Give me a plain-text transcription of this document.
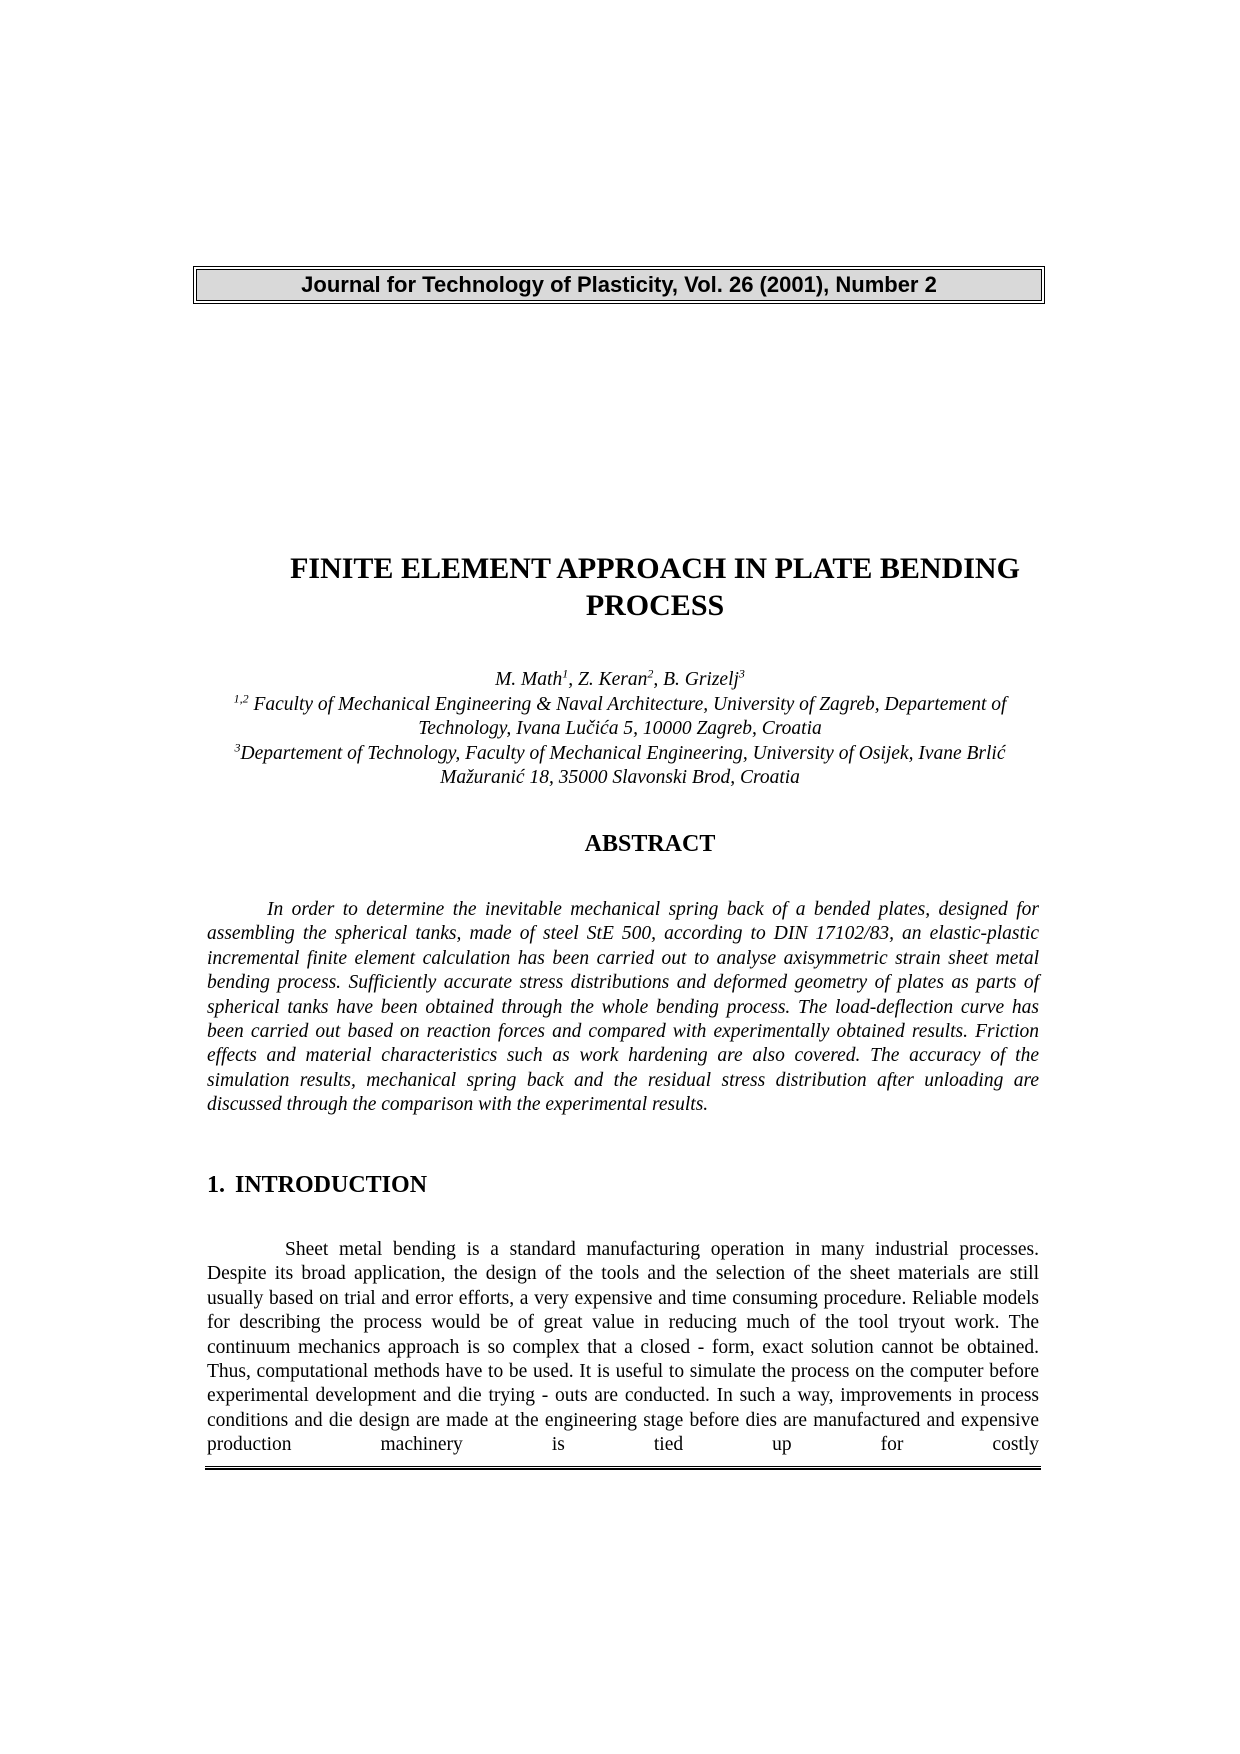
Journal for Technology of Plasticity, Vol. 26 (2001), Number 2
FINITE ELEMENT APPROACH IN PLATE BENDING PROCESS

M. Math$^1$, Z. Keran$^2$, B. Grizelj$^3$

$^{1,2}$ Faculty of Mechanical Engineering & Naval Architecture, University of Zagreb, Departement of Technology, Ivana Lučića 5, 10000 Zagreb, Croatia

$^3$Departement of Technology, Faculty of Mechanical Engineering, University of Osijek, Ivane Brlić Mažuranić 18, 35000 Slavonski Brod, Croatia

ABSTRACT

In order to determine the inevitable mechanical spring back of a bended plates, designed for assembling the spherical tanks, made of steel StE 500, according to DIN 17102/83, an elastic-plastic incremental finite element calculation has been carried out to analyse axisymmetric strain sheet metal bending process. Sufficiently accurate stress distributions and deformed geometry of plates as parts of spherical tanks have been obtained through the whole bending process. The load-deflection curve has been carried out based on reaction forces and compared with experimentally obtained results. Friction effects and material characteristics such as work hardening are also covered. The accuracy of the simulation results, mechanical spring back and the residual stress distribution after unloading are discussed through the comparison with the experimental results.

1. INTRODUCTION

Sheet metal bending is a standard manufacturing operation in many industrial processes. Despite its broad application, the design of the tools and the selection of the sheet materials are still usually based on trial and error efforts, a very expensive and time consuming procedure. Reliable models for describing the process would be of great value in reducing much of the tool tryout work. The continuum mechanics approach is so complex that a closed - form, exact solution cannot be obtained. Thus, computational methods have to be used. It is useful to simulate the process on the computer before experimental development and die trying - outs are conducted. In such a way, improvements in process conditions and die design are made at the engineering stage before dies are manufactured and expensive production machinery is tied up for costly
